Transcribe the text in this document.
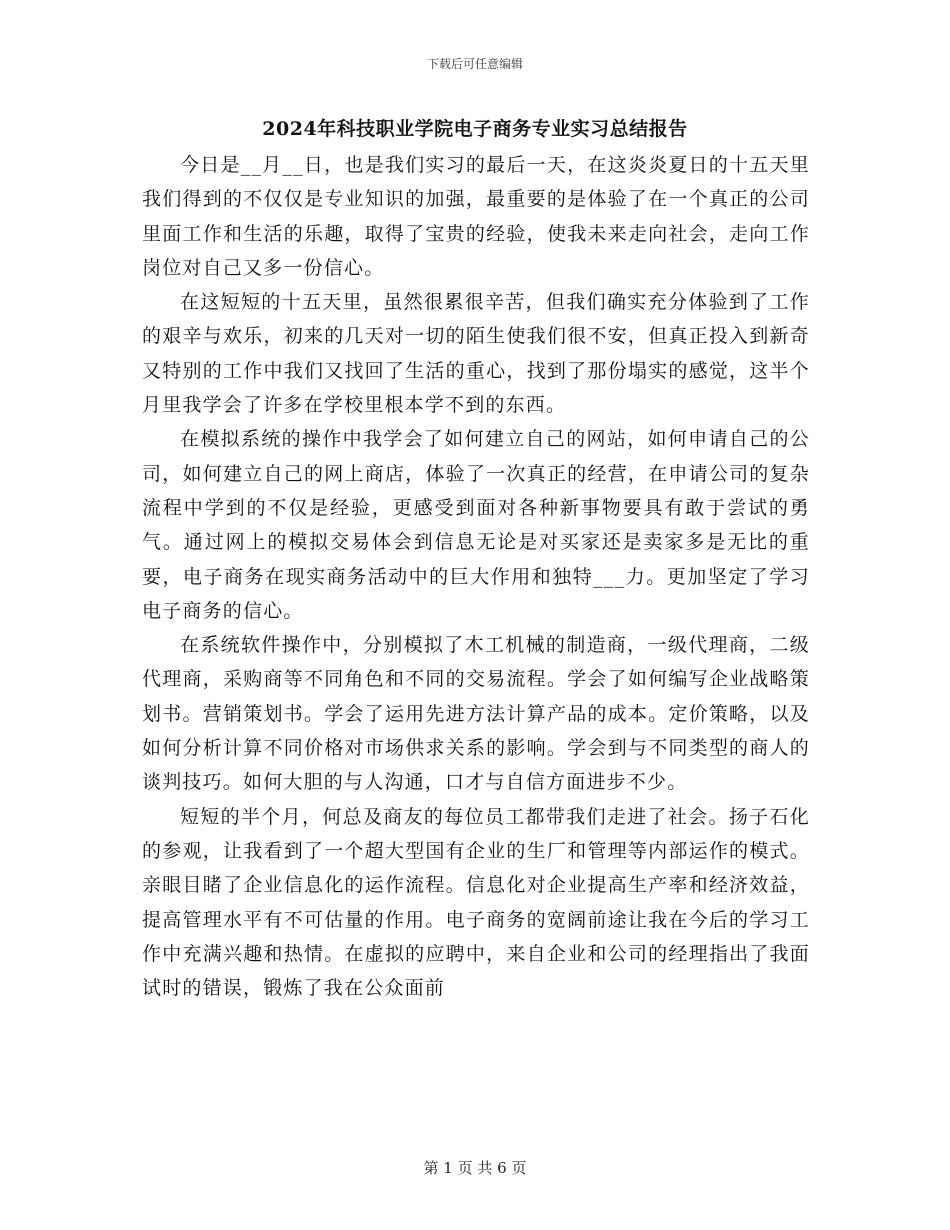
下载后可任意编辑
2024年科技职业学院电子商务专业实习总结报告

今日是__月__日，也是我们实习的最后一天，在这炎炎夏日的十五天里我们得到的不仅仅是专业知识的加强，最重要的是体验了在一个真正的公司里面工作和生活的乐趣，取得了宝贵的经验，使我未来走向社会，走向工作岗位对自己又多一份信心。

在这短短的十五天里，虽然很累很辛苦，但我们确实充分体验到了工作的艰辛与欢乐，初来的几天对一切的陌生使我们很不安，但真正投入到新奇又特别的工作中我们又找回了生活的重心，找到了那份塌实的感觉，这半个月里我学会了许多在学校里根本学不到的东西。

在模拟系统的操作中我学会了如何建立自己的网站，如何申请自己的公司，如何建立自己的网上商店，体验了一次真正的经营，在申请公司的复杂流程中学到的不仅是经验，更感受到面对各种新事物要具有敢于尝试的勇气。通过网上的模拟交易体会到信息无论是对买家还是卖家多是无比的重要，电子商务在现实商务活动中的巨大作用和独特___力。更加坚定了学习电子商务的信心。

在系统软件操作中，分别模拟了木工机械的制造商，一级代理商，二级代理商，采购商等不同角色和不同的交易流程。学会了如何编写企业战略策划书。营销策划书。学会了运用先进方法计算产品的成本。定价策略，以及如何分析计算不同价格对市场供求关系的影响。学会到与不同类型的商人的谈判技巧。如何大胆的与人沟通，口才与自信方面进步不少。

短短的半个月，何总及商友的每位员工都带我们走进了社会。扬子石化的参观，让我看到了一个超大型国有企业的生厂和管理等内部运作的模式。亲眼目睹了企业信息化的运作流程。信息化对企业提高生产率和经济效益，提高管理水平有不可估量的作用。电子商务的宽阔前途让我在今后的学习工作中充满兴趣和热情。在虚拟的应聘中，来自企业和公司的经理指出了我面试时的错误，锻炼了我在公众面前

第 1 页 共 6 页
